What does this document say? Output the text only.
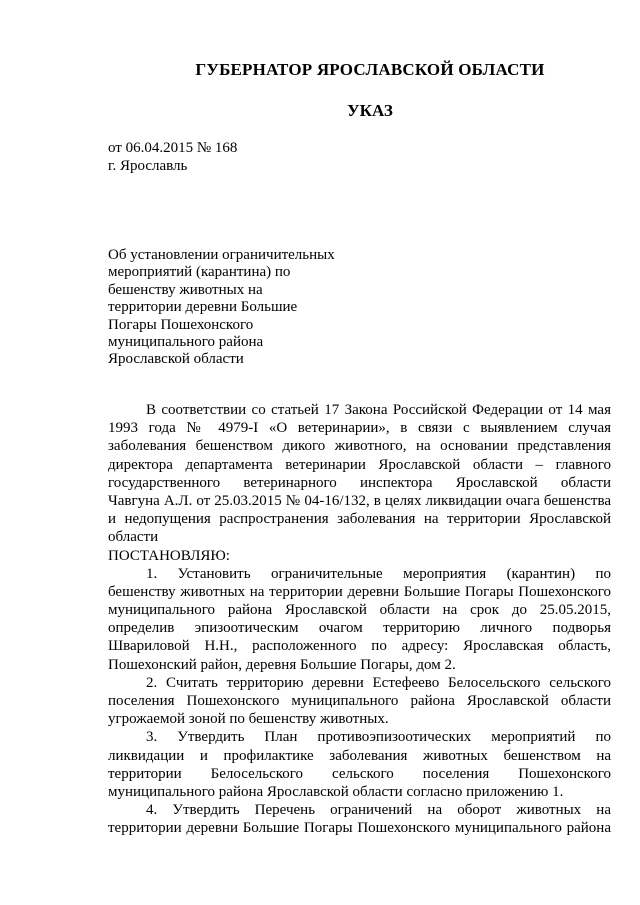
ГУБЕРНАТОР ЯРОСЛАВСКОЙ ОБЛАСТИ
УКАЗ
от 06.04.2015 № 168
г. Ярославль
Об установлении ограничительных
мероприятий (карантина) по
бешенству животных на
территории деревни Большие
Погары Пошехонского
муниципального района
Ярославской области
В соответствии со статьей 17 Закона Российской Федерации от 14 мая
1993 года № 4979-I «О ветеринарии», в связи с выявлением случая
заболевания бешенством дикого животного, на основании представления
директора департамента ветеринарии Ярославской области – главного
государственного ветеринарного инспектора Ярославской области
Чавгуна А.Л. от 25.03.2015 № 04-16/132, в целях ликвидации очага бешенства
и недопущения распространения заболевания на территории Ярославской
области
ПОСТАНОВЛЯЮ:
1. Установить ограничительные мероприятия (карантин) по
бешенству животных на территории деревни Большие Погары Пошехонского
муниципального района Ярославской области на срок до 25.05.2015,
определив эпизоотическим очагом территорию личного подворья
Швариловой Н.Н., расположенного по адресу: Ярославская область,
Пошехонский район, деревня Большие Погары, дом 2.
2. Считать территорию деревни Естефеево Белосельского сельского
поселения Пошехонского муниципального района Ярославской области
угрожаемой зоной по бешенству животных.
3. Утвердить План противоэпизоотических мероприятий по
ликвидации и профилактике заболевания животных бешенством на
территории Белосельского сельского поселения Пошехонского
муниципального района Ярославской области согласно приложению 1.
4. Утвердить Перечень ограничений на оборот животных на
территории деревни Большие Погары Пошехонского муниципального района
